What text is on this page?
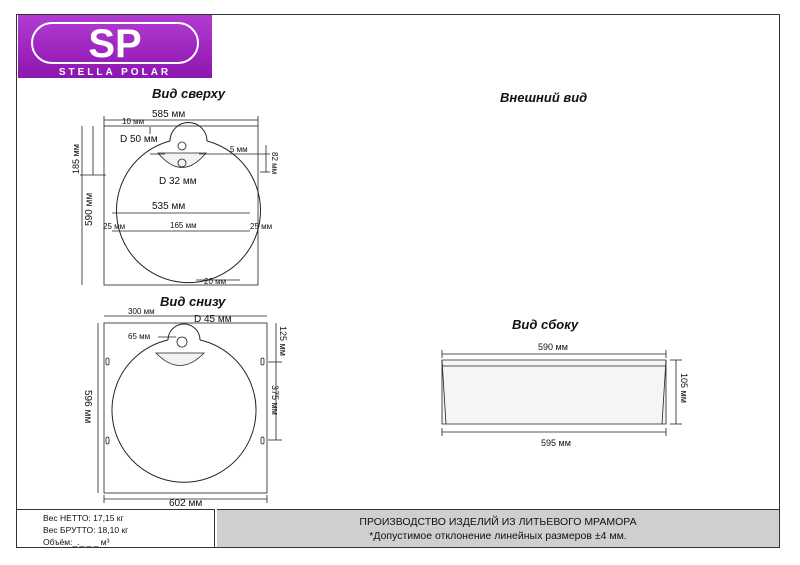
SP
STELLA POLAR
Вид сверху	Внешний вид
Вид снизу
Вид сбоку
585 мм
10 мм
D 50 мм
5 мм
82 мм
185 мм
D 32 мм
535 мм
590 мм
25 мм	25 мм
165 мм
20 мм
300 мм
D 45 мм
65 мм	125 мм
596 мм	375 мм
602 мм
590 мм
105 мм
595 мм
Вес НЕТТО: 17,15 кг
Вес БРУТТО: 18,10 кг
Объём:_._ _ _ м³
ПРОИЗВОДСТВО ИЗДЕЛИЙ ИЗ ЛИТЬЕВОГО МРАМОРА
*Допустимое отклонение линейных размеров ±4 мм.
